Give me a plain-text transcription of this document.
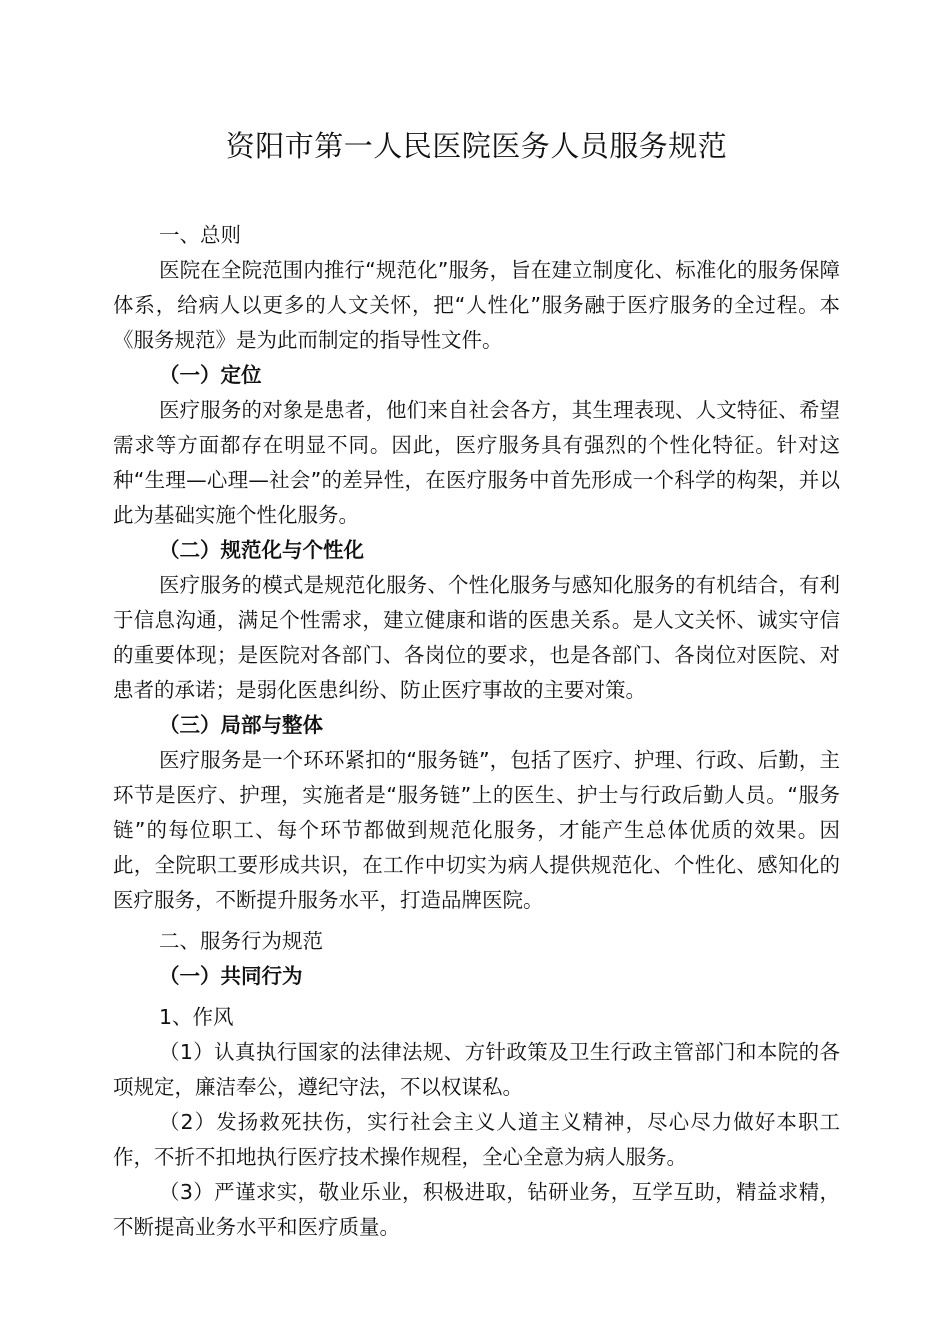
资阳市第一人民医院医务人员服务规范
一、总则

医院在全院范围内推行“规范化”服务，旨在建立制度化、标准化的服务保障体系，给病人以更多的人文关怀，把“人性化”服务融于医疗服务的全过程。本《服务规范》是为此而制定的指导性文件。

（一）定位

医疗服务的对象是患者，他们来自社会各方，其生理表现、人文特征、希望需求等方面都存在明显不同。因此，医疗服务具有强烈的个性化特征。针对这种“生理—心理—社会”的差异性，在医疗服务中首先形成一个科学的构架，并以此为基础实施个性化服务。

（二）规范化与个性化

医疗服务的模式是规范化服务、个性化服务与感知化服务的有机结合，有利于信息沟通，满足个性需求，建立健康和谐的医患关系。是人文关怀、诚实守信的重要体现；是医院对各部门、各岗位的要求，也是各部门、各岗位对医院、对患者的承诺；是弱化医患纠纷、防止医疗事故的主要对策。

（三）局部与整体

医疗服务是一个环环紧扣的“服务链”，包括了医疗、护理、行政、后勤，主环节是医疗、护理，实施者是“服务链”上的医生、护士与行政后勤人员。“服务链”的每位职工、每个环节都做到规范化服务，才能产生总体优质的效果。因此，全院职工要形成共识，在工作中切实为病人提供规范化、个性化、感知化的医疗服务，不断提升服务水平，打造品牌医院。

二、服务行为规范
（一）共同行为
1、作风

（1）认真执行国家的法律法规、方针政策及卫生行政主管部门和本院的各项规定，廉洁奉公，遵纪守法，不以权谋私。

（2）发扬救死扶伤，实行社会主义人道主义精神，尽心尽力做好本职工作，不折不扣地执行医疗技术操作规程，全心全意为病人服务。

（3）严谨求实，敬业乐业，积极进取，钻研业务，互学互助，精益求精，不断提高业务水平和医疗质量。
